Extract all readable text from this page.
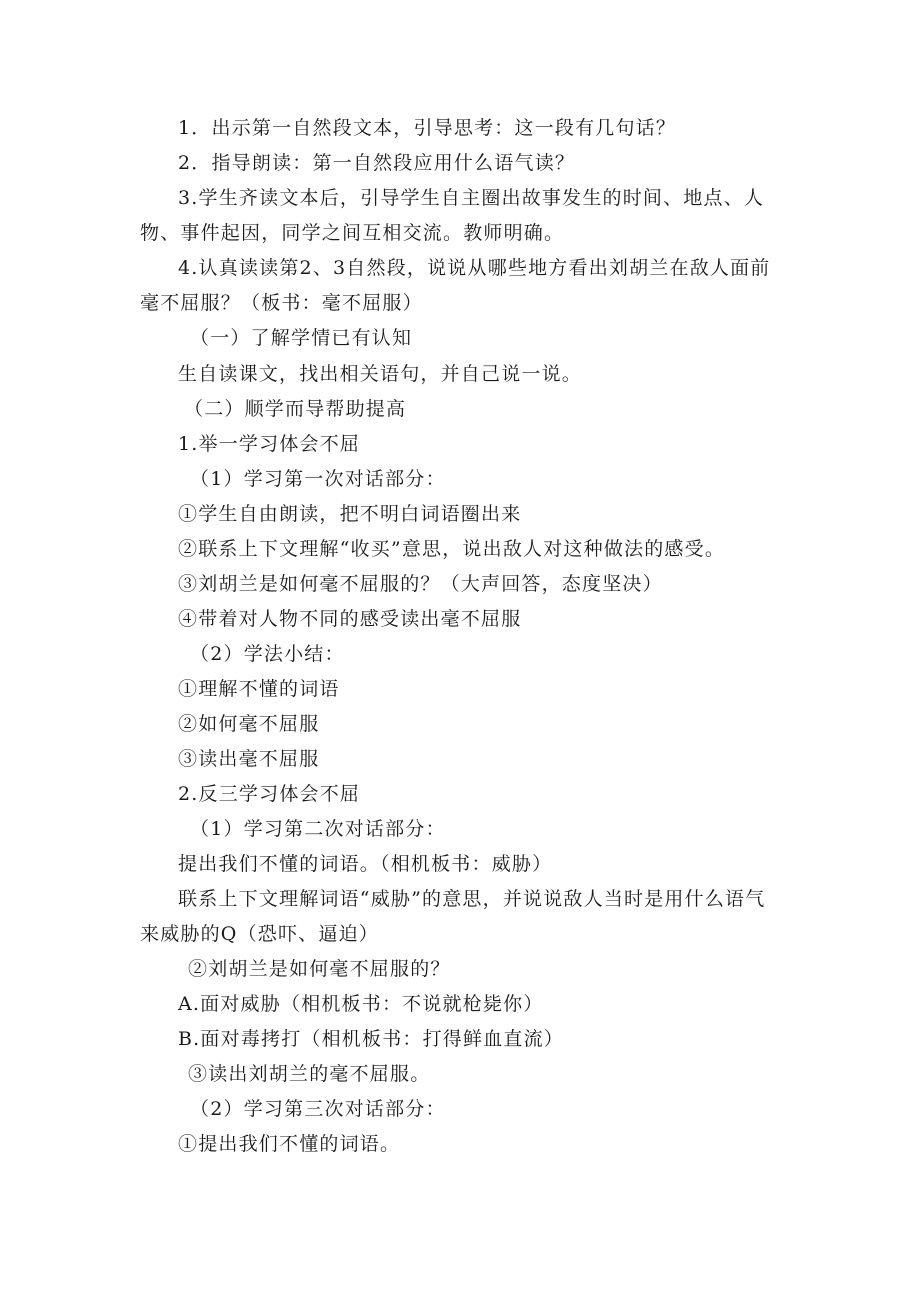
1．出示第一自然段文本，引导思考：这一段有几句话？
2．指导朗读：第一自然段应用什么语气读？
3.学生齐读文本后，引导学生自主圈出故事发生的时间、地点、人
物、事件起因，同学之间互相交流。教师明确。
4.认真读读第2、3自然段，说说从哪些地方看出刘胡兰在敌人面前
毫不屈服？（板书：毫不屈服）
（一）了解学情已有认知
生自读课文，找出相关语句，并自己说一说。
（二）顺学而导帮助提高
1.举一学习体会不屈
（1）学习第一次对话部分：
①学生自由朗读，把不明白词语圈出来
②联系上下文理解“收买”意思，说出敌人对这种做法的感受。
③刘胡兰是如何毫不屈服的？（大声回答，态度坚决）
④带着对人物不同的感受读出毫不屈服
（2）学法小结：
①理解不懂的词语
②如何毫不屈服
③读出毫不屈服
2.反三学习体会不屈
（1）学习第二次对话部分：
提出我们不懂的词语。（相机板书：威胁）
联系上下文理解词语“威胁”的意思，并说说敌人当时是用什么语气
来威胁的Q（恐吓、逼迫）
②刘胡兰是如何毫不屈服的？
A.面对威胁（相机板书：不说就枪毙你）
B.面对毒拷打（相机板书：打得鲜血直流）
③读出刘胡兰的毫不屈服。
（2）学习第三次对话部分：
①提出我们不懂的词语。
